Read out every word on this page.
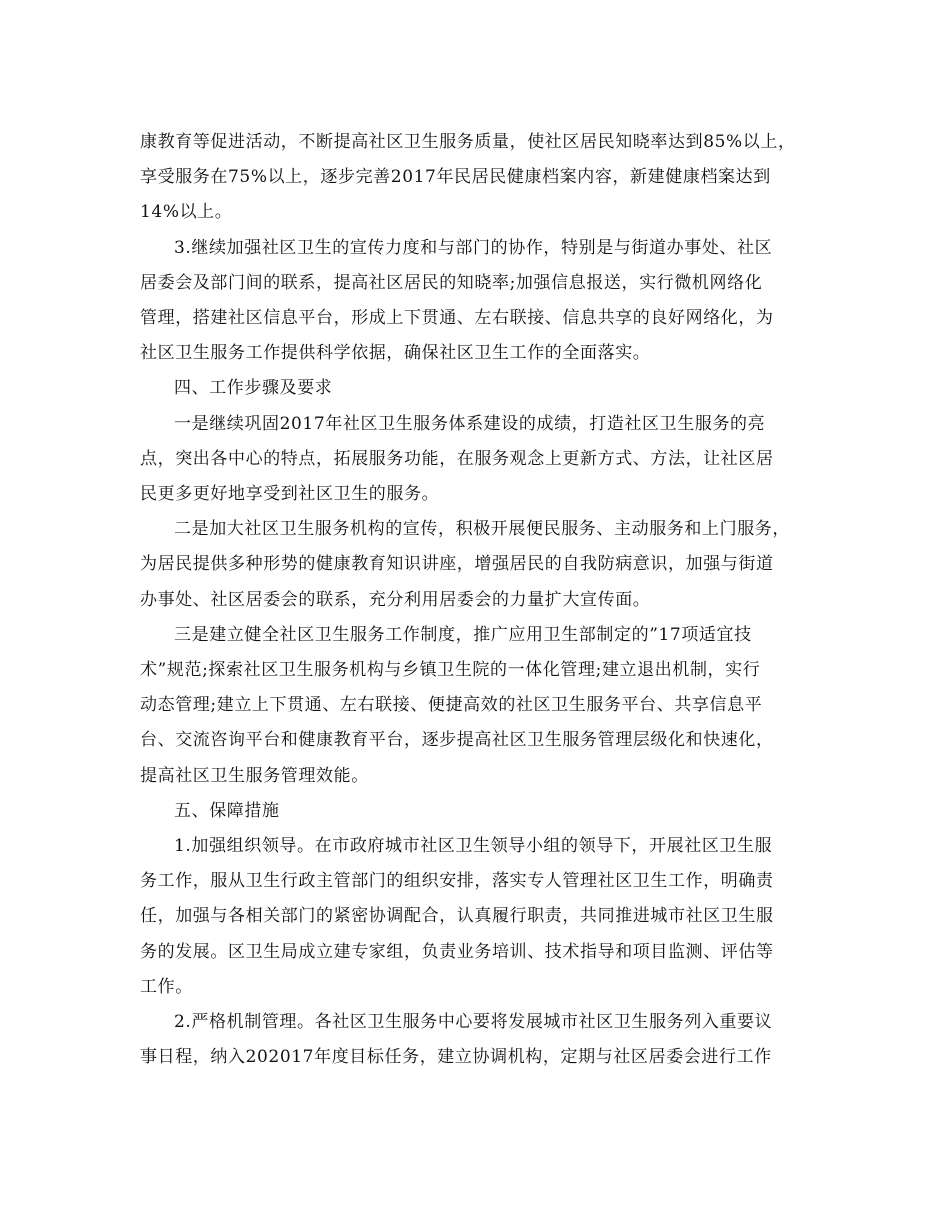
康教育等促进活动，不断提高社区卫生服务质量，使社区居民知晓率达到85%以上，
享受服务在75%以上，逐步完善2017年民居民健康档案内容，新建健康档案达到
14%以上。
3.继续加强社区卫生的宣传力度和与部门的协作，特别是与街道办事处、社区
居委会及部门间的联系，提高社区居民的知晓率;加强信息报送，实行微机网络化
管理，搭建社区信息平台，形成上下贯通、左右联接、信息共享的良好网络化，为
社区卫生服务工作提供科学依据，确保社区卫生工作的全面落实。
四、工作步骤及要求
一是继续巩固2017年社区卫生服务体系建设的成绩，打造社区卫生服务的亮
点，突出各中心的特点，拓展服务功能，在服务观念上更新方式、方法，让社区居
民更多更好地享受到社区卫生的服务。
二是加大社区卫生服务机构的宣传，积极开展便民服务、主动服务和上门服务，
为居民提供多种形势的健康教育知识讲座，增强居民的自我防病意识，加强与街道
办事处、社区居委会的联系，充分利用居委会的力量扩大宣传面。
三是建立健全社区卫生服务工作制度，推广应用卫生部制定的”17项适宜技
术”规范;探索社区卫生服务机构与乡镇卫生院的一体化管理;建立退出机制，实行
动态管理;建立上下贯通、左右联接、便捷高效的社区卫生服务平台、共享信息平
台、交流咨询平台和健康教育平台，逐步提高社区卫生服务管理层级化和快速化，
提高社区卫生服务管理效能。
五、保障措施
1.加强组织领导。在市政府城市社区卫生领导小组的领导下，开展社区卫生服
务工作，服从卫生行政主管部门的组织安排，落实专人管理社区卫生工作，明确责
任，加强与各相关部门的紧密协调配合，认真履行职责，共同推进城市社区卫生服
务的发展。区卫生局成立建专家组，负责业务培训、技术指导和项目监测、评估等
工作。
2.严格机制管理。各社区卫生服务中心要将发展城市社区卫生服务列入重要议
事日程，纳入202017年度目标任务，建立协调机构，定期与社区居委会进行工作
